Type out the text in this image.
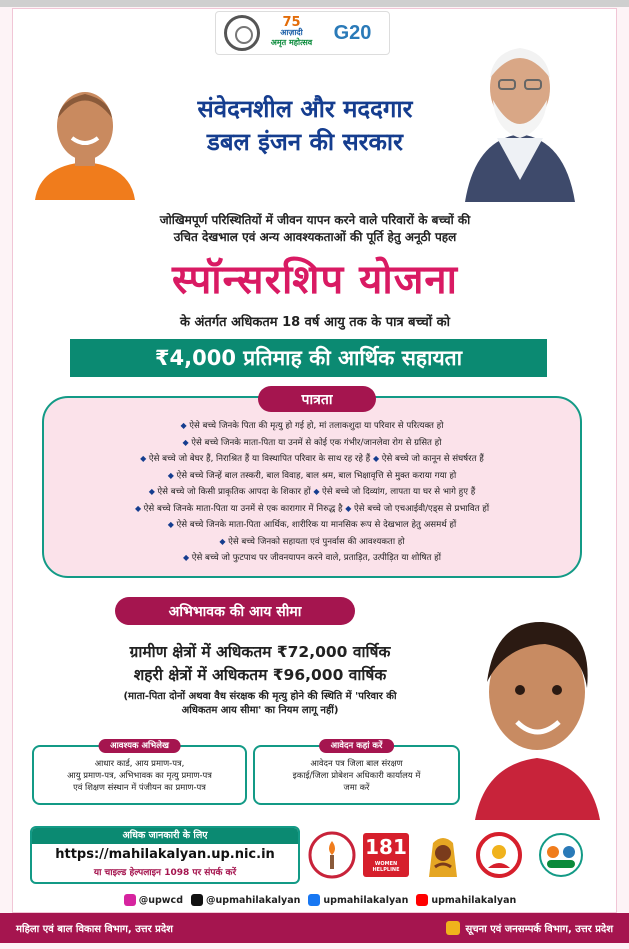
75
आज़ादी
अमृत महोत्सव	G20
संवेदनशील और मददगार
डबल इंजन की सरकार
जोखिमपूर्ण परिस्थितियों में जीवन यापन करने वाले परिवारों के बच्चों की
उचित देखभाल एवं अन्य आवश्यकताओं की पूर्ति हेतु अनूठी पहल
स्पॉन्सरशिप योजना
के अंतर्गत अधिकतम 18 वर्ष आयु तक के पात्र बच्चों को
₹4,000 प्रतिमाह की आर्थिक सहायता
पात्रता
◆ ऐसे बच्चे जिनके पिता की मृत्यु हो गई हो, मां तलाकशुदा या परिवार से परित्यक्त हो
◆ ऐसे बच्चे जिनके माता-पिता या उनमें से कोई एक गंभीर/जानलेवा रोग से ग्रसित हो
◆ ऐसे बच्चे जो बेघर हैं, निराश्रित हैं या विस्थापित परिवार के साथ रह रहे हैं ◆ ऐसे बच्चे जो कानून से संघर्षरत हैं
◆ ऐसे बच्चे जिन्हें बाल तस्करी, बाल विवाह, बाल श्रम, बाल भिक्षावृत्ति से मुक्त कराया गया हो
◆ ऐसे बच्चे जो किसी प्राकृतिक आपदा के शिकार हों ◆ ऐसे बच्चे जो दिव्यांग, लापता या घर से भागे हुए हैं
◆ ऐसे बच्चे जिनके माता-पिता या उनमें से एक कारागार में निरुद्ध है ◆ ऐसे बच्चे जो एचआईवी/एड्स से प्रभावित हों
◆ ऐसे बच्चे जिनके माता-पिता आर्थिक, शारीरिक या मानसिक रूप से देखभाल हेतु असमर्थ हों
◆ ऐसे बच्चे जिनको सहायता एवं पुनर्वास की आवश्यकता हो
◆ ऐसे बच्चे जो फुटपाथ पर जीवनयापन करने वाले, प्रताड़ित, उत्पीड़ित या शोषित हों
अभिभावक की आय सीमा
ग्रामीण क्षेत्रों में अधिकतम ₹72,000 वार्षिक
शहरी क्षेत्रों में अधिकतम ₹96,000 वार्षिक
(माता-पिता दोनों अथवा वैध संरक्षक की मृत्यु होने की स्थिति में 'परिवार की
अधिकतम आय सीमा' का नियम लागू नहीं)
आवश्यक अभिलेख
आधार कार्ड, आय प्रमाण-पत्र,
आयु प्रमाण-पत्र, अभिभावक का मृत्यु प्रमाण-पत्र
एवं शिक्षण संस्थान में पंजीयन का प्रमाण-पत्र
आवेदन कहां करें
आवेदन पत्र जिला बाल संरक्षण
इकाई/जिला प्रोबेशन अधिकारी कार्यालय में
जमा करें
अधिक जानकारी के लिए
https://mahilakalyan.up.nic.in
या चाइल्ड हेल्पलाइन 1098 पर संपर्क करें
181
WOMEN HELPLINE
@upwcd @upmahilakalyan upmahilakalyan upmahilakalyan
महिला एवं बाल विकास विभाग, उत्तर प्रदेश	सूचना एवं जनसम्पर्क विभाग, उत्तर प्रदेश
